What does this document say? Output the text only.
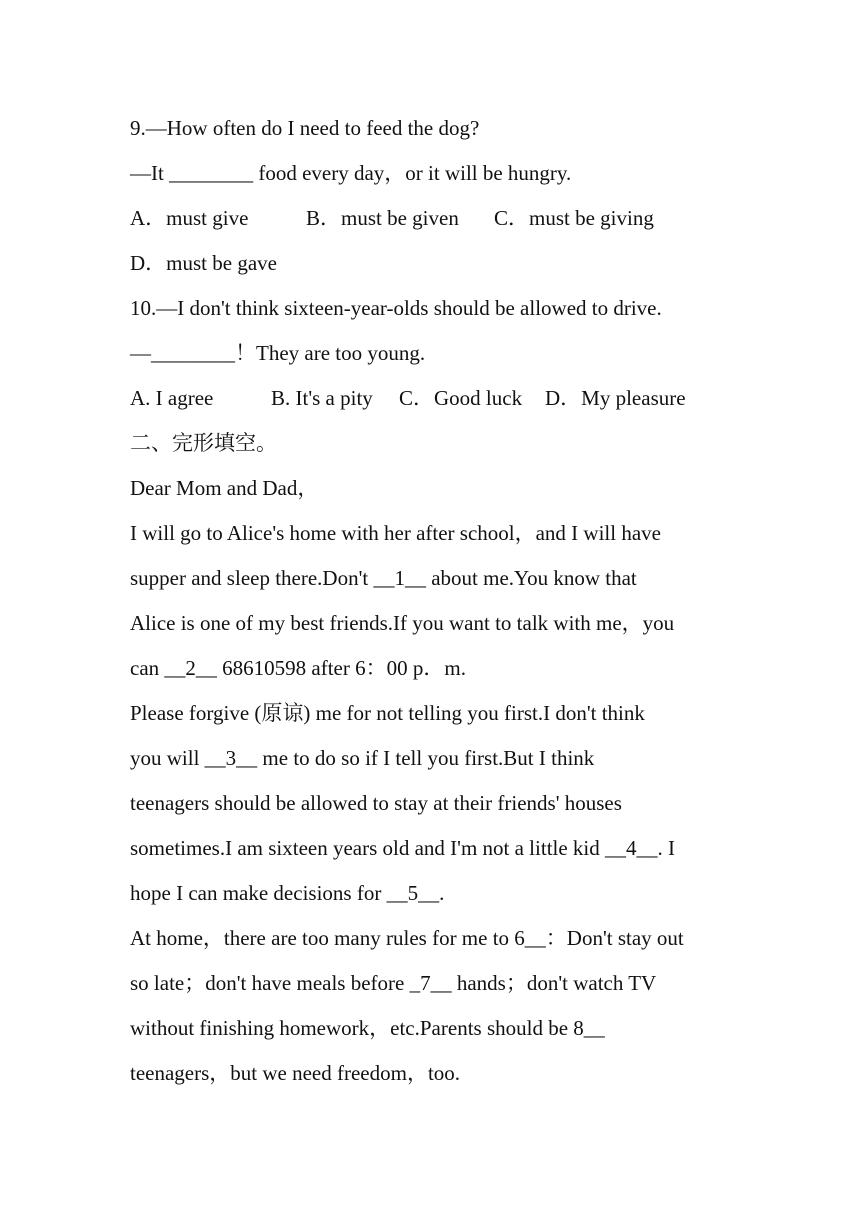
9.—How often do I need to feed the dog?
—It ________ food every day，or it will be hungry.
A．must give	B．must be given C．must be giving
D．must be gave
10.—I don't think sixteen-year-olds should be allowed to drive.
—________！They are too young.
A. I agree	B. It's a pity C．Good luck D．My pleasure
二、完形填空。
Dear Mom and Dad，
I will go to Alice's home with her after school，and I will have
supper and sleep there.Don't __1__ about me.You know that
Alice is one of my best friends.If you want to talk with me，you
can __2__ 68610598 after 6：00 p．m.
Please forgive (原谅) me for not telling you first.I don't think
you will __3__ me to do so if I tell you first.But I think
teenagers should be allowed to stay at their friends' houses
sometimes.I am sixteen years old and I'm not a little kid __4__. I
hope I can make decisions for __5__.
At home，there are too many rules for me to 6__：Don't stay out
so late；don't have meals before _7__ hands；don't watch TV
without finishing homework，etc.Parents should be 8__
teenagers，but we need freedom，too.
